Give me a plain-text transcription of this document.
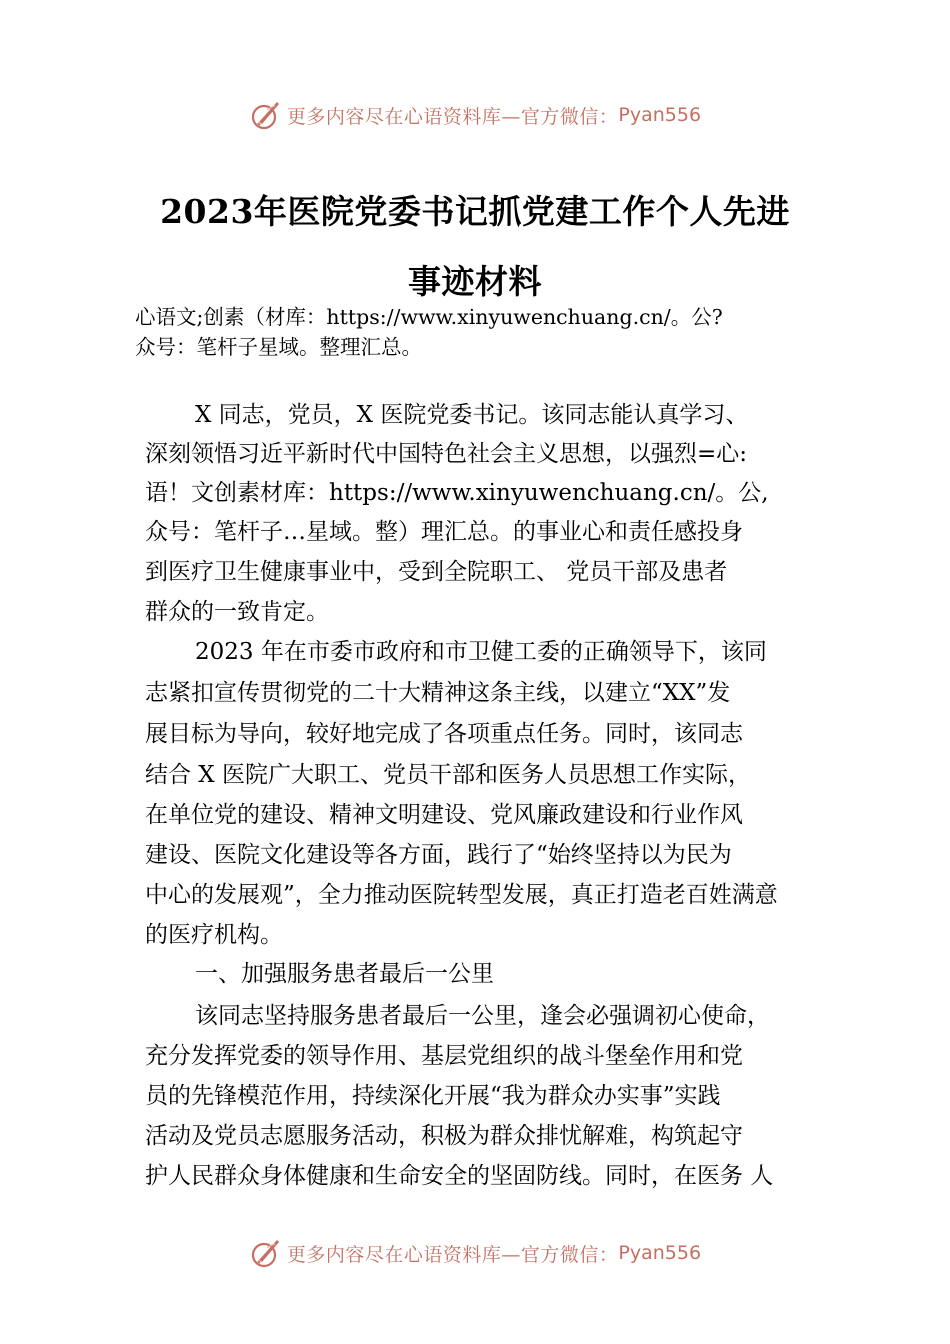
更多内容尽在心语资料库—官方微信： Pyan556
2023年医院党委书记抓党建工作个人先进
事迹材料
心语文;创素（材库：https://www.xinyuwenchuang.cn/。公?
众号：笔杆子星域。整理汇总。
X 同志，党员，X 医院党委书记。该同志能认真学习、
深刻领悟习近平新时代中国特色社会主义思想，以强烈=心:
语！文创素材库：https://www.xinyuwenchuang.cn/。公,
众号：笔杆子…星域。整）理汇总。的事业心和责任感投身
到医疗卫生健康事业中，受到全院职工、 党员干部及患者
群众的一致肯定。
2023 年在市委市政府和市卫健工委的正确领导下，该同
志紧扣宣传贯彻党的二十大精神这条主线，以建立“XX”发
展目标为导向，较好地完成了各项重点任务。同时，该同志
结合 X 医院广大职工、党员干部和医务人员思想工作实际，
在单位党的建设、精神文明建设、党风廉政建设和行业作风
建设、医院文化建设等各方面，践行了“始终坚持以为民为
中心的发展观”，全力推动医院转型发展，真正打造老百姓满意
的医疗机构。
一、加强服务患者最后一公里
该同志坚持服务患者最后一公里，逢会必强调初心使命，
充分发挥党委的领导作用、基层党组织的战斗堡垒作用和党
员的先锋模范作用，持续深化开展“我为群众办实事”实践
活动及党员志愿服务活动，积极为群众排忧解难，构筑起守
护人民群众身体健康和生命安全的坚固防线。同时，在医务 人
更多内容尽在心语资料库—官方微信： Pyan556
